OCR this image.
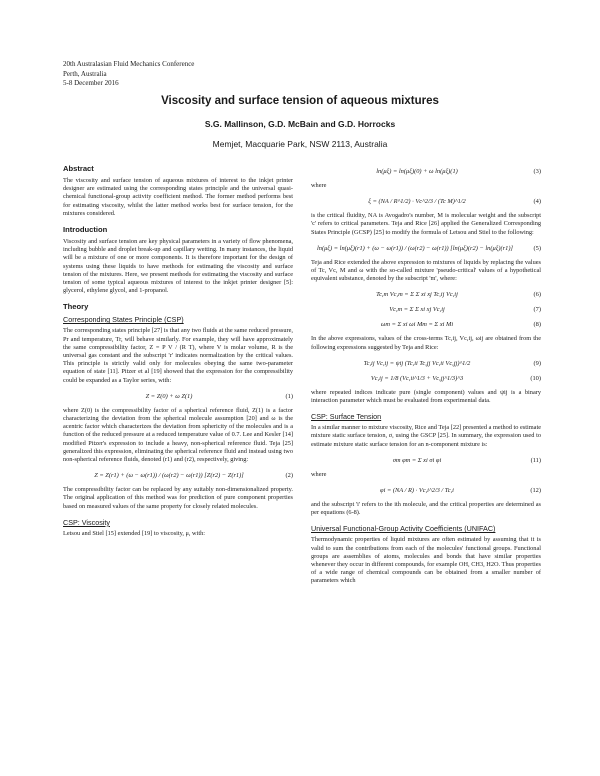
20th Australasian Fluid Mechanics Conference
Perth, Australia
5-8 December 2016
Viscosity and surface tension of aqueous mixtures
S.G. Mallinson, G.D. McBain and G.D. Horrocks
Memjet, Macquarie Park, NSW 2113, Australia
Abstract

The viscosity and surface tension of aqueous mixtures of interest to the inkjet printer designer are estimated using the corresponding states principle and the universal quasi-chemical functional-group activity coefficient method. The former method performs best for estimating viscosity, whilst the latter method works best for surface tension, for the mixtures considered.

Introduction

Viscosity and surface tension are key physical parameters in a variety of flow phenomena, including bubble and droplet break-up and capillary wetting. In many instances, the liquid will be a mixture of one or more components. It is therefore important for the design of systems using these liquids to have methods for estimating the viscosity and surface tension of the mixtures. Here, we present methods for estimating the viscosity and surface tension of some typical aqueous mixtures of interest to the inkjet printer designer [5]: glycerol, ethylene glycol, and 1-propanol.

Theory
Corresponding States Principle (CSP)

The corresponding states principle [27] is that any two fluids at the same reduced pressure, Pr and temperature, Tr, will behave similarly. For example, they will have approximately the same compressibility factor, Z = P V / (R T), where V is molar volume, R is the universal gas constant and the subscript 'r' indicates normalization by the critical values. This principle is strictly valid only for molecules obeying the same two-parameter equation of state [11]. Pitzer et al [19] showed that the expression for the compressibility could be expanded as a Taylor series, with:

Z = Z(0) + ω Z(1)	(1)

where Z(0) is the compressibility factor of a spherical reference fluid, Z(1) is a factor characterizing the deviation from the spherical molecule assumption [20] and ω is the acentric factor which characterizes the deviation from sphericity of the molecules and is a function of the reduced pressure at a reduced temperature value of 0.7. Lee and Kesler [14] modified Pitzer's expression to include a heavy, non-spherical reference fluid. Teja [25] generalized this expression, eliminating the spherical reference fluid and instead using two non-spherical reference fluids, denoted (r1) and (r2), respectively, giving:

Z = Z(r1) + (ω − ω(r1)) / (ω(r2) − ω(r1)) [Z(r2) − Z(r1)]	(2)

The compressibility factor can be replaced by any suitably non-dimensionalized property. The original application of this method was for prediction of pure component properties based on measured values of the same property for closely related molecules.

CSP: Viscosity

Letsou and Stiel [15] extended [19] to viscosity, μ, with:

ln(μξ) = ln(μξ)(0) + ω ln(μξ)(1)	(3)

where

ξ = (NA / R^1/2) · Vc^2/3 / (Tc M)^1/2	(4)

is the critical fluidity, NA is Avogadro's number, M is molecular weight and the subscript 'c' refers to critical parameters. Teja and Rice [26] applied the Generalized Corresponding States Principle (GCSP) [25] to modify the formula of Letsou and Stiel to the following:

ln(μξ) = ln(μξ)(r1) + (ω − ω(r1)) / (ω(r2) − ω(r1)) [ln(μξ)(r2) − ln(μξ)(r1)]	(5)

Teja and Rice extended the above expression to mixtures of liquids by replacing the values of Tc, Vc, M and ω with the so-called mixture 'pseudo-critical' values of a hypothetical equivalent substance, denoted by the subscript 'm', where:

Tc,m Vc,m = Σ Σ xi xj Tc,ij Vc,ij	(6)
Vc,m = Σ Σ xi xj Vc,ij	(7)
ωm = Σ xi ωi Mm = Σ xi Mi	(8)

In the above expressions, values of the cross-terms Tc,ij, Vc,ij, ωij are obtained from the following expressions suggested by Teja and Rice:

Tc,ij Vc,ij = ψij (Tc,ii Tc,jj Vc,ii Vc,jj)^1/2	(9)
Vc,ij = 1/8 (Vc,ii^1/3 + Vc,jj^1/3)^3	(10)

where repeated indices indicate pure (single component) values and ψij is a binary interaction parameter which must be evaluated from experimental data.

CSP: Surface Tension

In a similar manner to mixture viscosity, Rice and Teja [22] presented a method to estimate mixture static surface tension, σ, using the GSCP [25]. In summary, the expression used to estimate mixture static surface tension for an n-component mixture is:

σm φm = Σ xi σi φi	(11)

where

φi = (NA / R) · Vc,i^2/3 / Tc,i	(12)

and the subscript 'i' refers to the ith molecule, and the critical properties are determined as per equations (6-8).

Universal Functional-Group Activity Coefficients (UNIFAC)

Thermodynamic properties of liquid mixtures are often estimated by assuming that it is valid to sum the contributions from each of the molecules' functional groups. Functional groups are assemblies of atoms, molecules and bonds that have similar properties whenever they occur in different compounds, for example OH, CH3, H2O. Thus properties of a wide range of chemical compounds can be obtained from a smaller number of parameters which
